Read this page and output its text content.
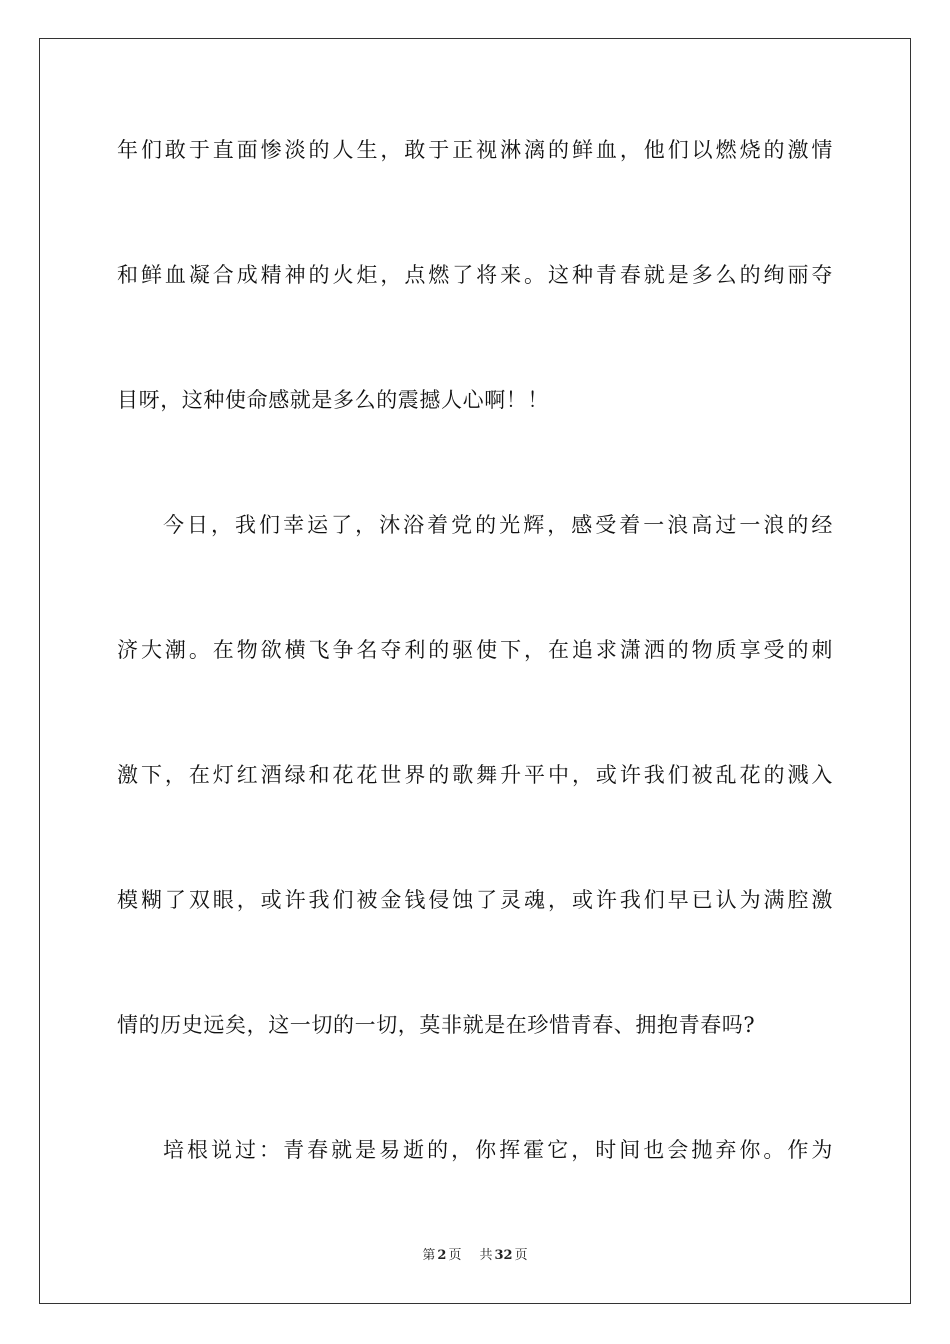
年们敢于直面惨淡的人生，敢于正视淋漓的鲜血，他们以燃烧的激情
和鲜血凝合成精神的火炬，点燃了将来。这种青春就是多么的绚丽夺
目呀，这种使命感就是多么的震撼人心啊！！
今日，我们幸运了，沐浴着党的光辉，感受着一浪高过一浪的经
济大潮。在物欲横飞争名夺利的驱使下，在追求潇洒的物质享受的刺
激下，在灯红酒绿和花花世界的歌舞升平中，或许我们被乱花的溅入
模糊了双眼，或许我们被金钱侵蚀了灵魂，或许我们早已认为满腔激
情的历史远矣，这一切的一切，莫非就是在珍惜青春、拥抱青春吗?
培根说过：青春就是易逝的，你挥霍它，时间也会抛弃你。作为
第 2 页 共 32 页
